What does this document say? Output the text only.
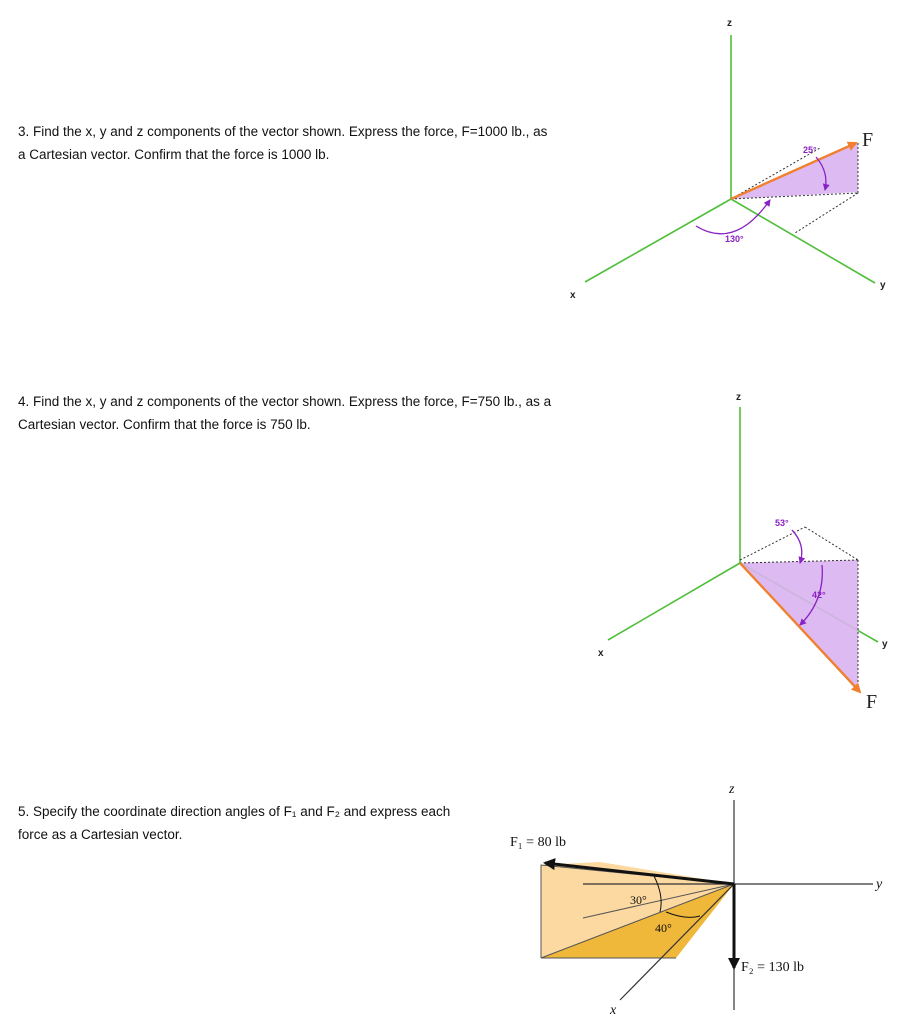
3. Find the x, y and z components of the vector shown. Express the force, F=1000 lb., as a Cartesian vector. Confirm that the force is 1000 lb.
4. Find the x, y and z components of the vector shown. Express the force, F=750 lb., as a Cartesian vector. Confirm that the force is 750 lb.
5. Specify the coordinate direction angles of F₁ and F₂ and express each force as a Cartesian vector.
z
x
y
F
25°
130°
z
x
y
F
53°
42°
z
y
x
F₁ = 80 lb
F₂ = 130 lb
30°
40°
